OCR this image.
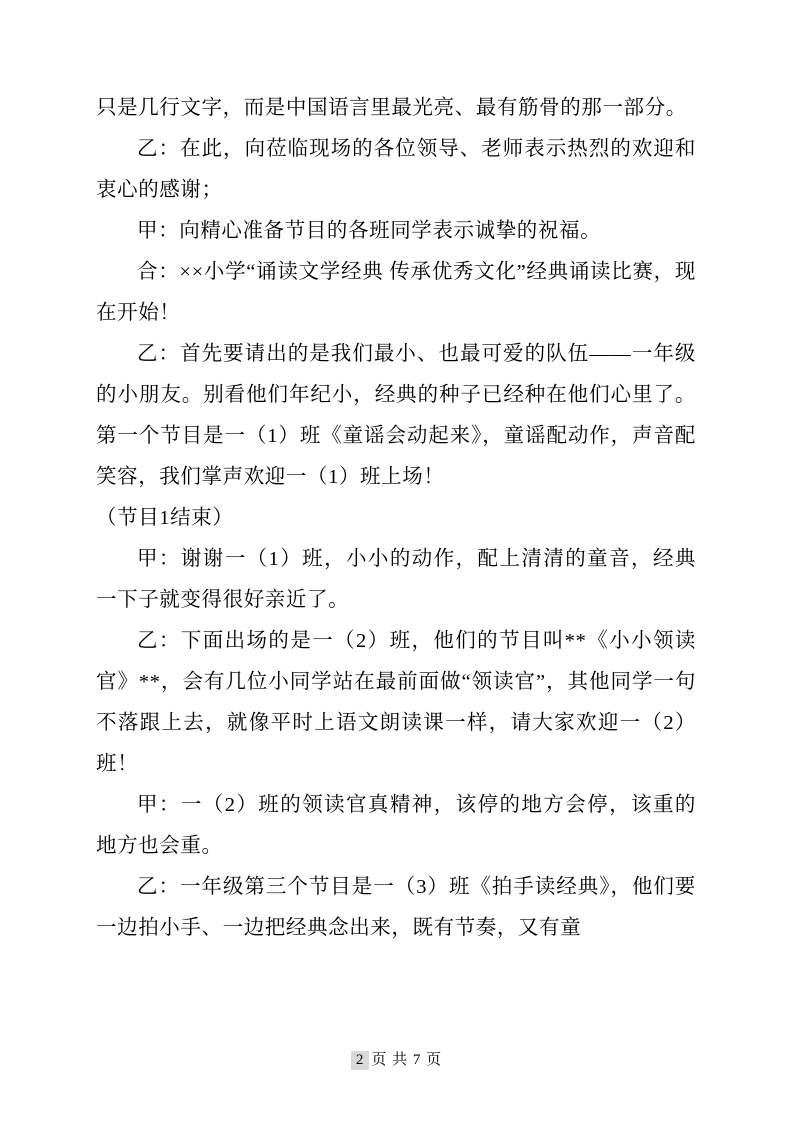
只是几行文字，而是中国语言里最光亮、最有筋骨的那一部分。

乙：在此，向莅临现场的各位领导、老师表示热烈的欢迎和衷心的感谢；

甲：向精心准备节目的各班同学表示诚挚的祝福。

合：××小学“诵读文学经典 传承优秀文化”经典诵读比赛，现在开始！

乙：首先要请出的是我们最小、也最可爱的队伍——一年级的小朋友。别看他们年纪小，经典的种子已经种在他们心里了。第一个节目是一（1）班《童谣会动起来》，童谣配动作，声音配笑容，我们掌声欢迎一（1）班上场！

（节目1结束）

甲：谢谢一（1）班，小小的动作，配上清清的童音，经典一下子就变得很好亲近了。

乙：下面出场的是一（2）班，他们的节目叫**《小小领读官》**，会有几位小同学站在最前面做“领读官”，其他同学一句不落跟上去，就像平时上语文朗读课一样，请大家欢迎一（2）班！

甲：一（2）班的领读官真精神，该停的地方会停，该重的地方也会重。

乙：一年级第三个节目是一（3）班《拍手读经典》，他们要一边拍小手、一边把经典念出来，既有节奏，又有童

2 页 共 7 页
